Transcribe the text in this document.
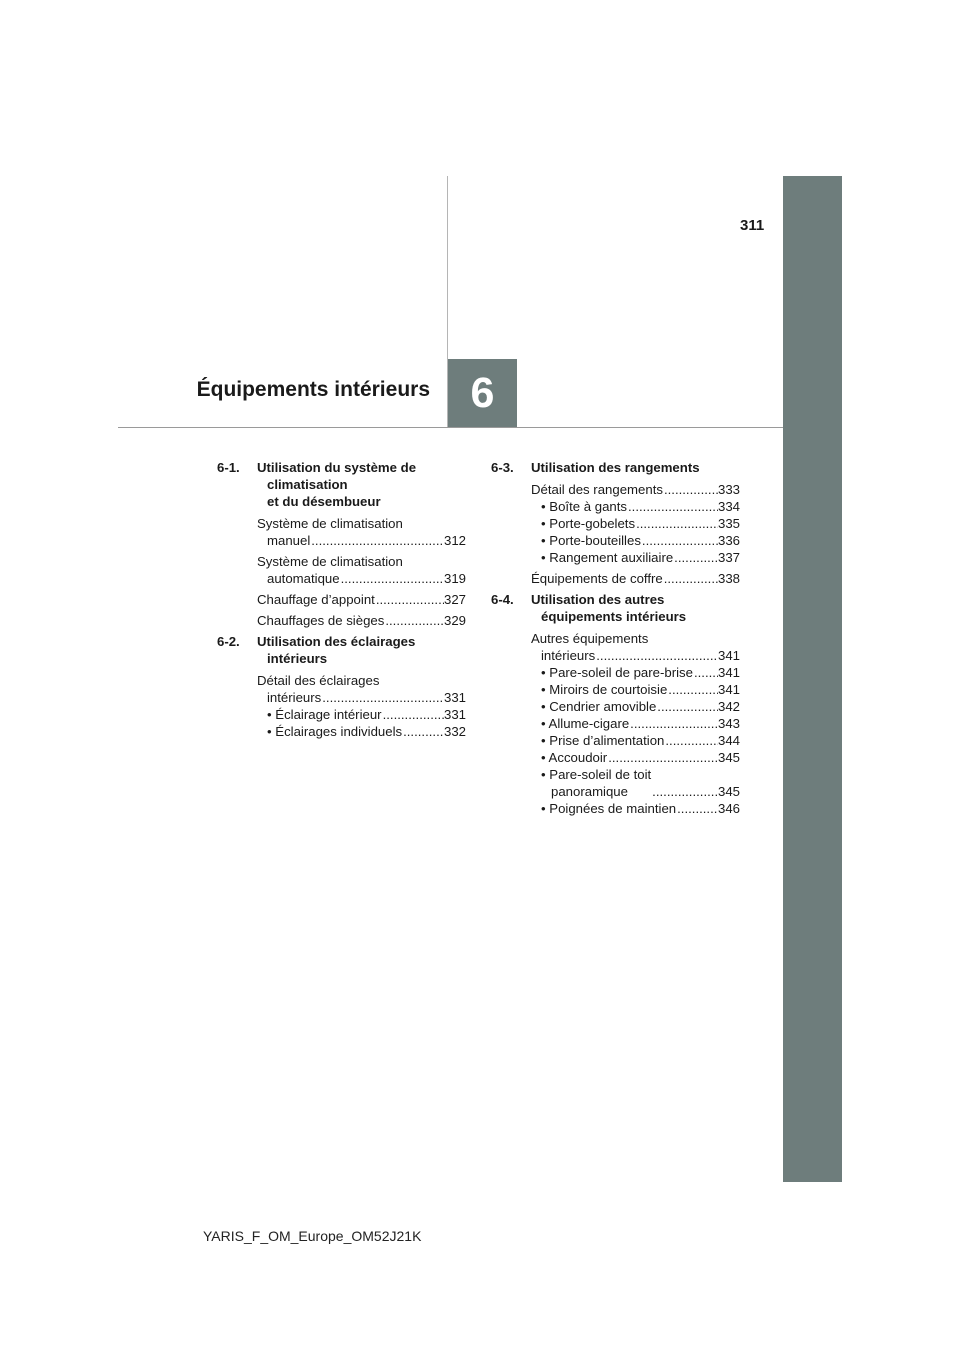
Équipements intérieurs 6
311
6-1. Utilisation du système de climatisation
et du désembueur
Système de climatisation
manuel .....	312
Système de climatisation
automatique .....	319
Chauffage d’appoint .....	327
Chauffages de sièges .....	329
6-2. Utilisation des éclairages intérieurs
Détail des éclairages
intérieurs .....	331
• Éclairage intérieur .....	331
• Éclairages individuels .....	332
6-3. Utilisation des rangements
Détail des rangements .....	333
• Boîte à gants .....	334
• Porte-gobelets .....	335
• Porte-bouteilles .....	336
• Rangement auxiliaire .....	337
Équipements de coffre .....	338
6-4. Utilisation des autres équipements intérieurs
Autres équipements
intérieurs .....	341
• Pare-soleil de pare-brise ..... 341
• Miroirs de courtoisie .....	341
• Cendrier amovible .....	342
• Allume-cigare .....	343
• Prise d’alimentation .....	344
• Accoudoir .....	345
• Pare-soleil de toit
panoramique .....	345
• Poignées de maintien .....	346
YARIS_F_OM_Europe_OM52J21K
